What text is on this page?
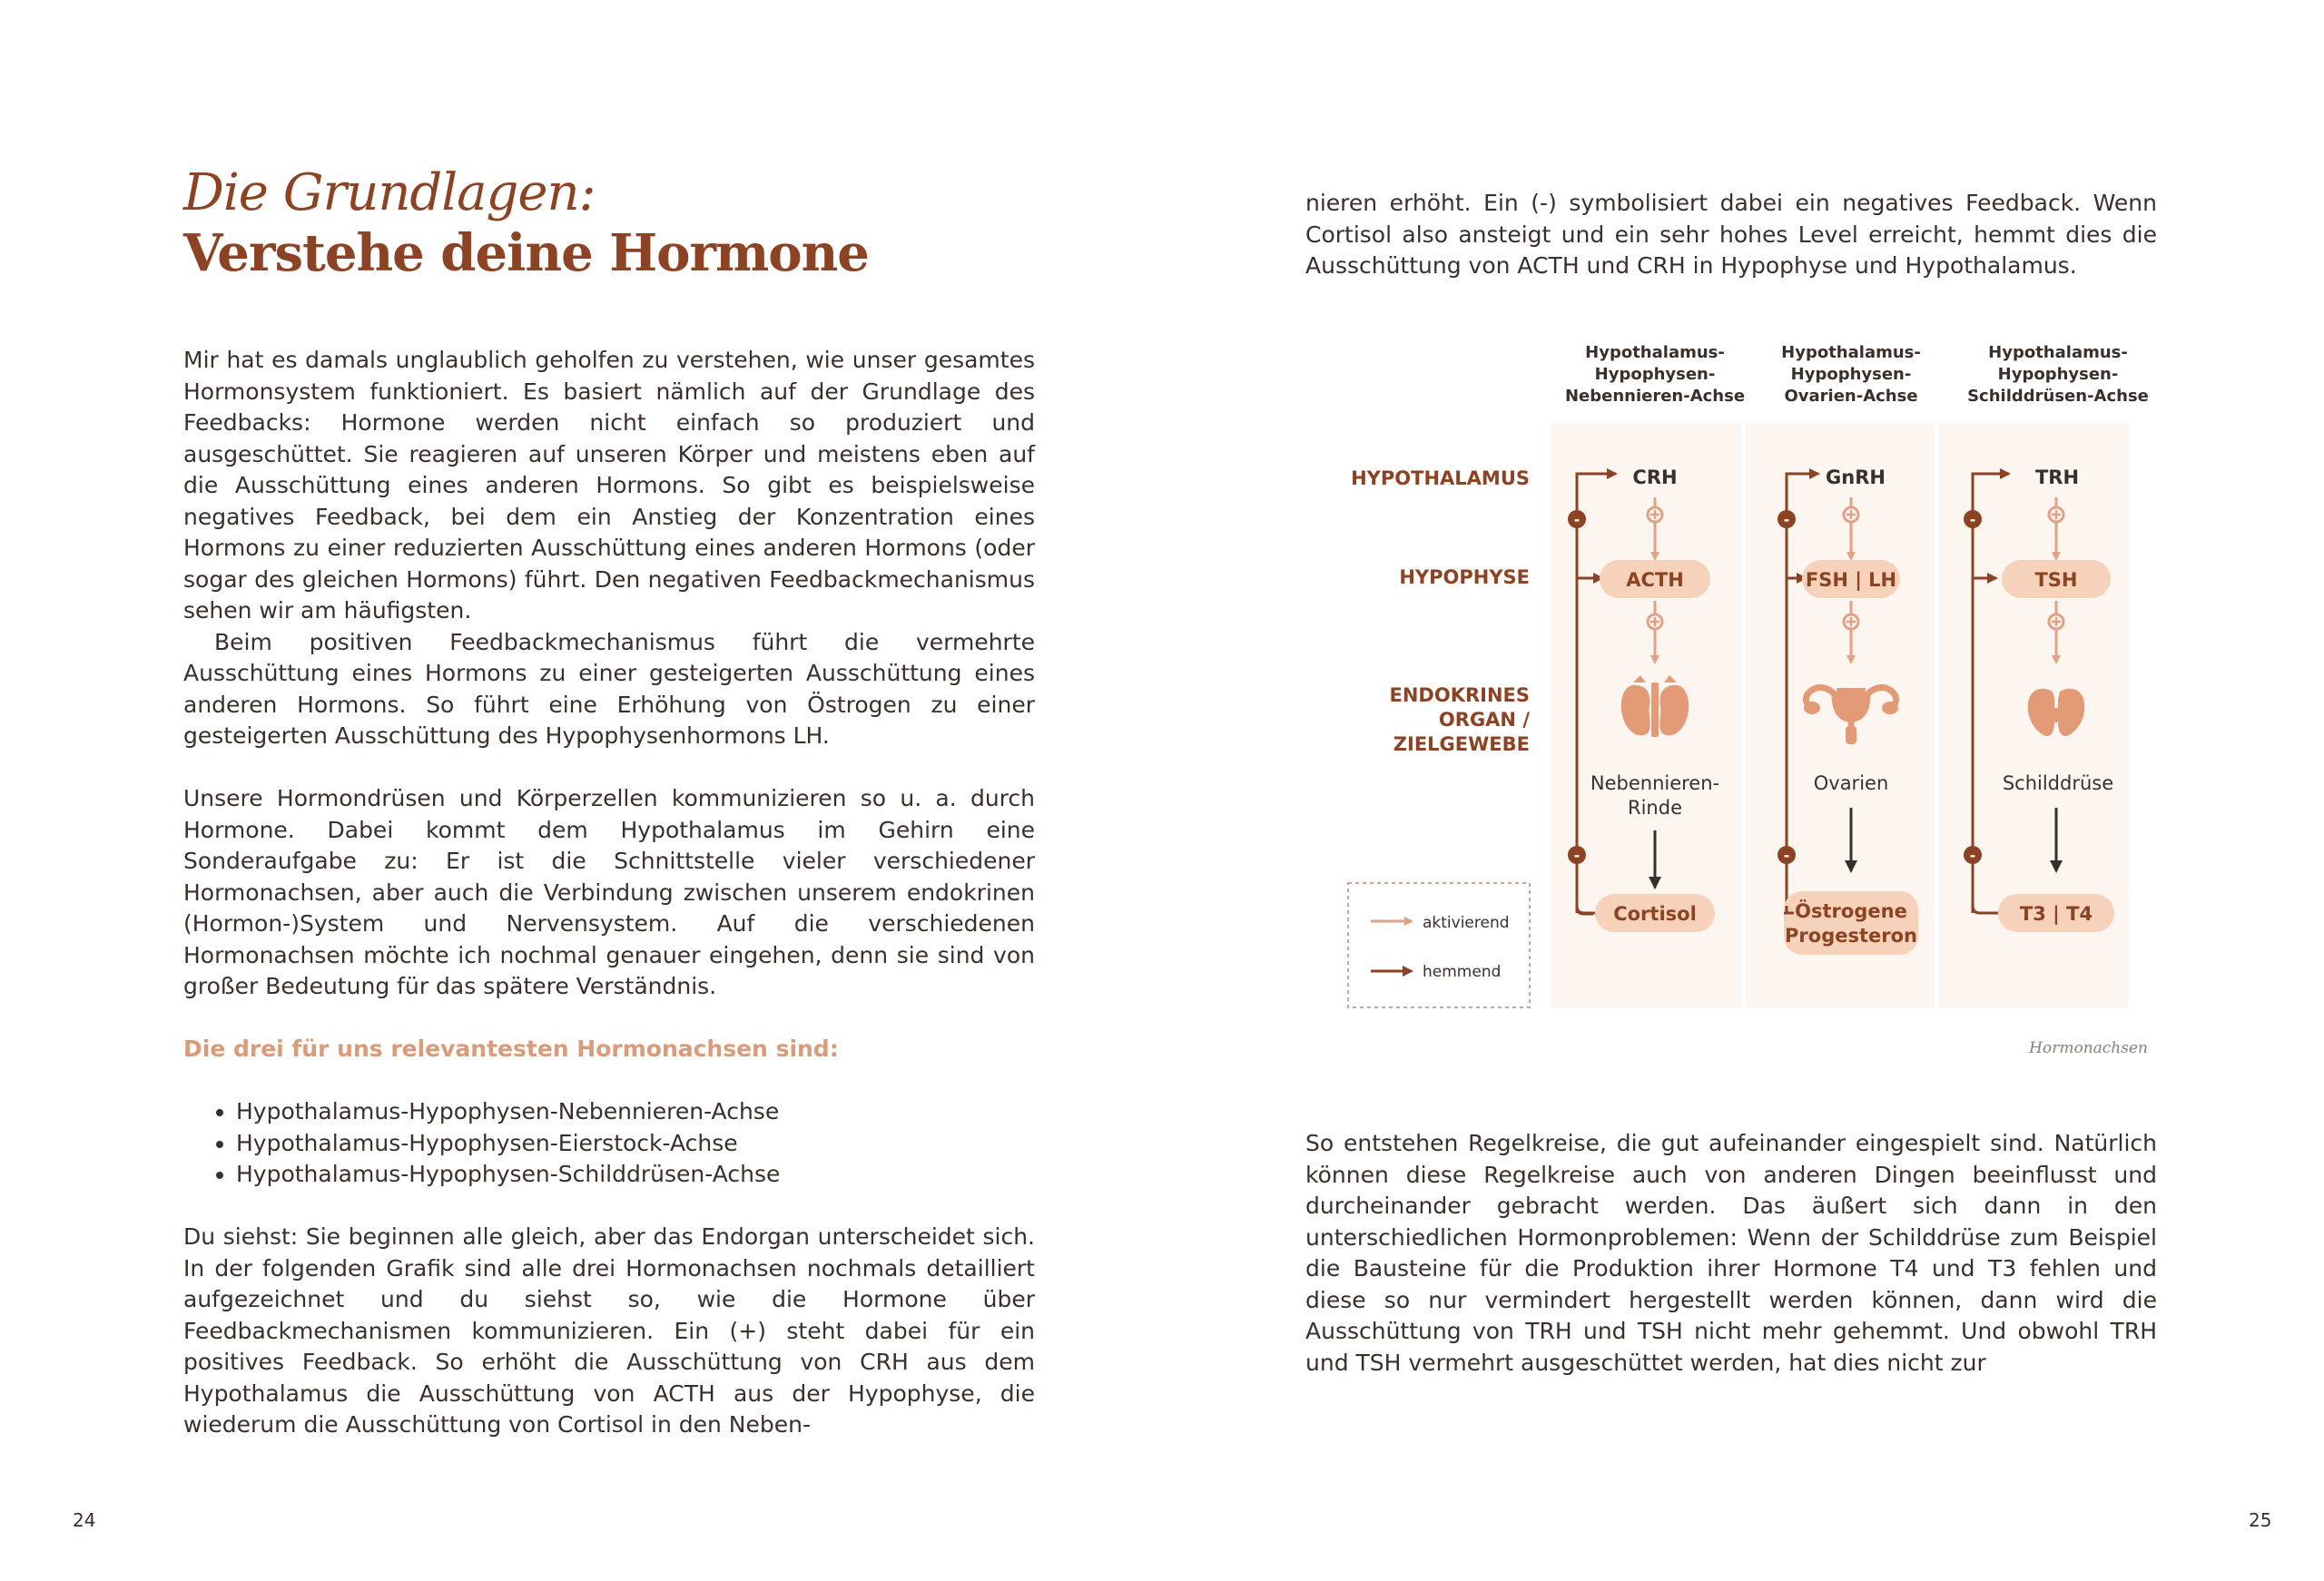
Die Grundlagen:
Verstehe deine Hormone

Mir hat es damals unglaublich geholfen zu verstehen, wie unser gesamtes Hormonsystem funktioniert. Es basiert nämlich auf der Grundlage des Feedbacks: Hormone werden nicht einfach so produziert und ausgeschüttet. Sie reagieren auf unseren Körper und meistens eben auf die Ausschüttung eines anderen Hormons. So gibt es beispielsweise negatives Feedback, bei dem ein Anstieg der Konzentration eines Hormons zu einer reduzierten Ausschüttung eines anderen Hormons (oder sogar des gleichen Hormons) führt. Den negativen Feedbackmechanismus sehen wir am häufigsten.

Beim positiven Feedbackmechanismus führt die vermehrte Ausschüttung eines Hormons zu einer gesteigerten Ausschüttung eines anderen Hormons. So führt eine Erhöhung von Östrogen zu einer gesteigerten Ausschüttung des Hypophysenhormons LH.

Unsere Hormondrüsen und Körperzellen kommunizieren so u. a. durch Hormone. Dabei kommt dem Hypothalamus im Gehirn eine Sonderaufgabe zu: Er ist die Schnittstelle vieler verschiedener Hormonachsen, aber auch die Verbindung zwischen unserem endokrinen (Hormon-)System und Nervensystem. Auf die verschiedenen Hormonachsen möchte ich nochmal genauer eingehen, denn sie sind von großer Bedeutung für das spätere Verständnis.

Die drei für uns relevantesten Hormonachsen sind:

• Hypothalamus-Hypophysen-Nebennieren-Achse
• Hypothalamus-Hypophysen-Eierstock-Achse
• Hypothalamus-Hypophysen-Schilddrüsen-Achse

Du siehst: Sie beginnen alle gleich, aber das Endorgan unterscheidet sich. In der folgenden Grafik sind alle drei Hormonachsen nochmals detailliert aufgezeichnet und du siehst so, wie die Hormone über Feedbackmechanismen kommunizieren. Ein (+) steht dabei für ein positives Feedback. So erhöht die Ausschüttung von CRH aus dem Hypothalamus die Ausschüttung von ACTH aus der Hypophyse, die wiederum die Ausschüttung von Cortisol in den Neben-

24

nieren erhöht. Ein (-) symbolisiert dabei ein negatives Feedback. Wenn Cortisol also ansteigt und ein sehr hohes Level erreicht, hemmt dies die Ausschüttung von ACTH und CRH in Hypophyse und Hypothalamus.

So entstehen Regelkreise, die gut aufeinander eingespielt sind. Natürlich können diese Regelkreise auch von anderen Dingen beeinflusst und durcheinander gebracht werden. Das äußert sich dann in den unterschiedlichen Hormonproblemen: Wenn der Schilddrüse zum Beispiel die Bausteine für die Produktion ihrer Hormone T4 und T3 fehlen und diese so nur vermindert hergestellt werden können, dann wird die Ausschüttung von TRH und TSH nicht mehr gehemmt. Und obwohl TRH und TSH vermehrt ausgeschüttet werden, hat dies nicht zur

25
Hypothalamus-
Hypophysen-
Nebennieren-Achse
Hypothalamus-
Hypophysen-
Ovarien-Achse
Hypothalamus-
Hypophysen-
Schilddrüsen-Achse
HYPOTHALAMUS
HYPOPHYSE
ENDOKRINES
ORGAN /
ZIELGEWEBE
CRH
ACTH
Nebennieren-
Rinde
Cortisol
-
-
GnRH
FSH | LH
Ovarien
Östrogene
Progesteron
-
-
TRH
TSH
Schilddrüse
T3 | T4
-
-
aktivierend
hemmend
Hormonachsen
